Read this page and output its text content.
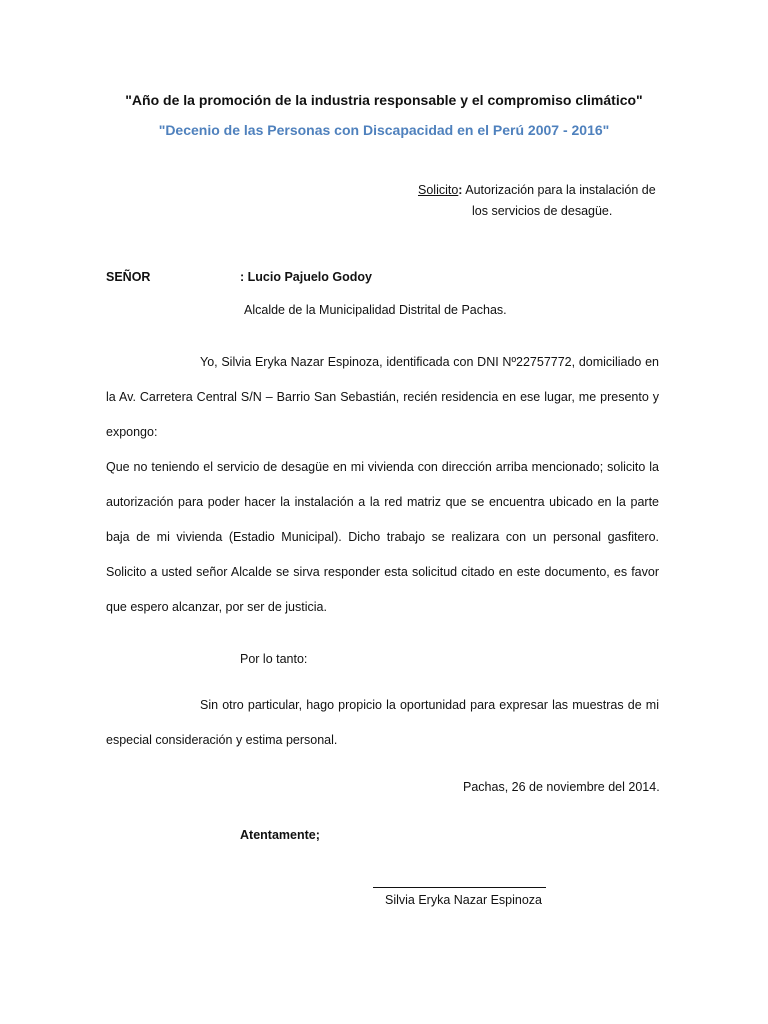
"Año de la promoción de la industria responsable y el compromiso climático"
"Decenio de las Personas con Discapacidad en el Perú 2007 - 2016"
Solicito: Autorización para la instalación de
los servicios de desagüe.
SEÑOR	: Lucio Pajuelo Godoy
Alcalde de la Municipalidad Distrital de Pachas.
Yo, Silvia Eryka Nazar Espinoza, identificada con DNI Nº22757772, domiciliado en la Av. Carretera Central S/N – Barrio San Sebastián, recién residencia en ese lugar, me presento y expongo:
Que no teniendo el servicio de desagüe en mi vivienda con dirección arriba mencionado; solicito la autorización para poder hacer la instalación a la red matriz que se encuentra ubicado en la parte baja de mi vivienda (Estadio Municipal). Dicho trabajo se realizara con un personal gasfitero. Solicito a usted señor Alcalde se sirva responder esta solicitud citado en este documento, es favor que espero alcanzar, por ser de justicia.
Por lo tanto:
Sin otro particular, hago propicio la oportunidad para expresar las muestras de mi especial consideración y estima personal.
Pachas, 26 de noviembre del 2014.
Atentamente;
Silvia Eryka Nazar Espinoza
